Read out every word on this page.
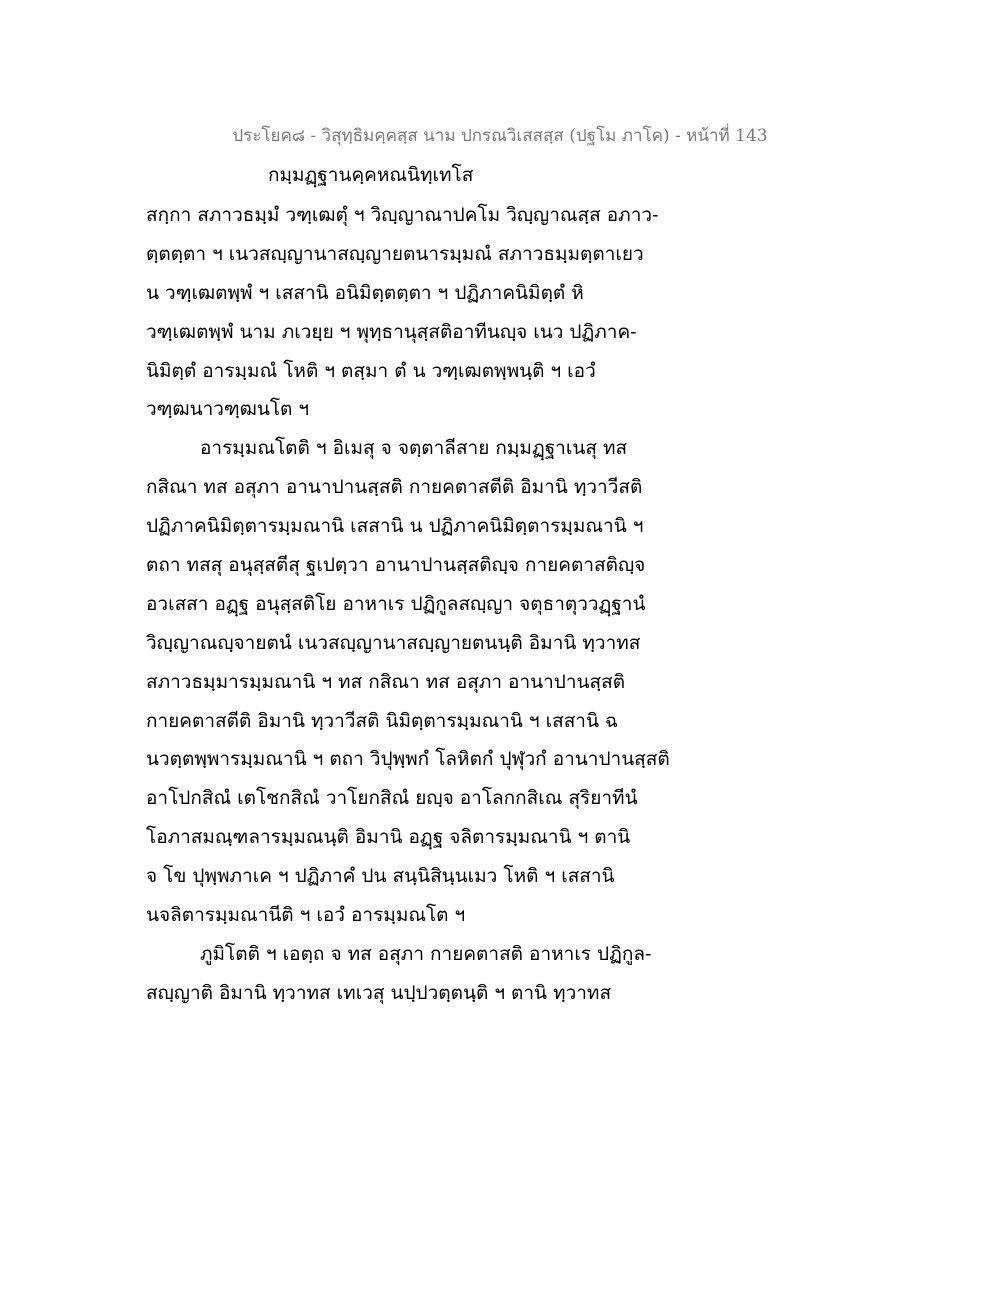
ประโยค๘ - วิสุทฺธิมคฺคสฺส นาม ปกรณวิเสสสฺส (ปฐโม ภาโค) - หน้าที่ 143
กมฺมฏฺฐานคฺคหณนิทฺเทโส
สกฺกา สภาวธมฺมํ วฑฺเฒตุํ ฯ วิญฺญาณาปคโม วิญฺญาณสฺส อภาว-
ตฺตตฺตา ฯ เนวสญฺญานาสญฺญายตนารมฺมณํ สภาวธมฺมตฺตาเยว
น วฑฺเฒตพฺพํ ฯ เสสานิ อนิมิตฺตตฺตา ฯ ปฏิภาคนิมิตฺตํ หิ
วฑฺเฒตพฺพํ นาม ภเวยฺย ฯ พุทฺธานุสฺสติอาทีนญฺจ เนว ปฏิภาค-
นิมิตฺตํ อารมฺมณํ โหติ ฯ ตสฺมา ตํ น วฑฺเฒตพฺพนฺติ ฯ เอวํ
วฑฺฒนาวฑฺฒนโต ฯ
อารมฺมณโตติ ฯ อิเมสุ จ จตฺตาลีสาย กมฺมฏฺฐาเนสุ ทส
กสิณา ทส อสุภา อานาปานสฺสติ กายคตาสตีติ อิมานิ ทฺวาวีสติ
ปฏิภาคนิมิตฺตารมฺมณานิ เสสานิ น ปฏิภาคนิมิตฺตารมฺมณานิ ฯ
ตถา ทสสุ อนุสฺสตีสุ ฐเปตฺวา อานาปานสฺสติญฺจ กายคตาสติญฺจ
อวเสสา อฏฺฐ อนุสฺสติโย อาหาเร ปฏิกูลสญฺญา จตุธาตุววฏฺฐานํ
วิญฺญาณญฺจายตนํ เนวสญฺญานาสญฺญายตนนฺติ อิมานิ ทฺวาทส
สภาวธมฺมารมฺมณานิ ฯ ทส กสิณา ทส อสุภา อานาปานสฺสติ
กายคตาสตีติ อิมานิ ทฺวาวีสติ นิมิตฺตารมฺมณานิ ฯ เสสานิ ฉ
นวตฺตพฺพารมฺมณานิ ฯ ตถา วิปุพฺพกํ โลหิตกํ ปุฬุวกํ อานาปานสฺสติ
อาโปกสิณํ เตโชกสิณํ วาโยกสิณํ ยญฺจ อาโลกกสิเณ สุริยาทีนํ
โอภาสมณฺฑลารมฺมณนฺติ อิมานิ อฏฺฐ จลิตารมฺมณานิ ฯ ตานิ
จ โข ปุพฺพภาเค ฯ ปฏิภาคํ ปน สนฺนิสินฺนเมว โหติ ฯ เสสานิ
นจลิตารมฺมณานีติ ฯ เอวํ อารมฺมณโต ฯ
ภูมิโตติ ฯ เอตฺถ จ ทส อสุภา กายคตาสติ อาหาเร ปฏิกูล-
สญฺญาติ อิมานิ ทฺวาทส เทเวสุ นปฺปวตฺตนฺติ ฯ ตานิ ทฺวาทส
